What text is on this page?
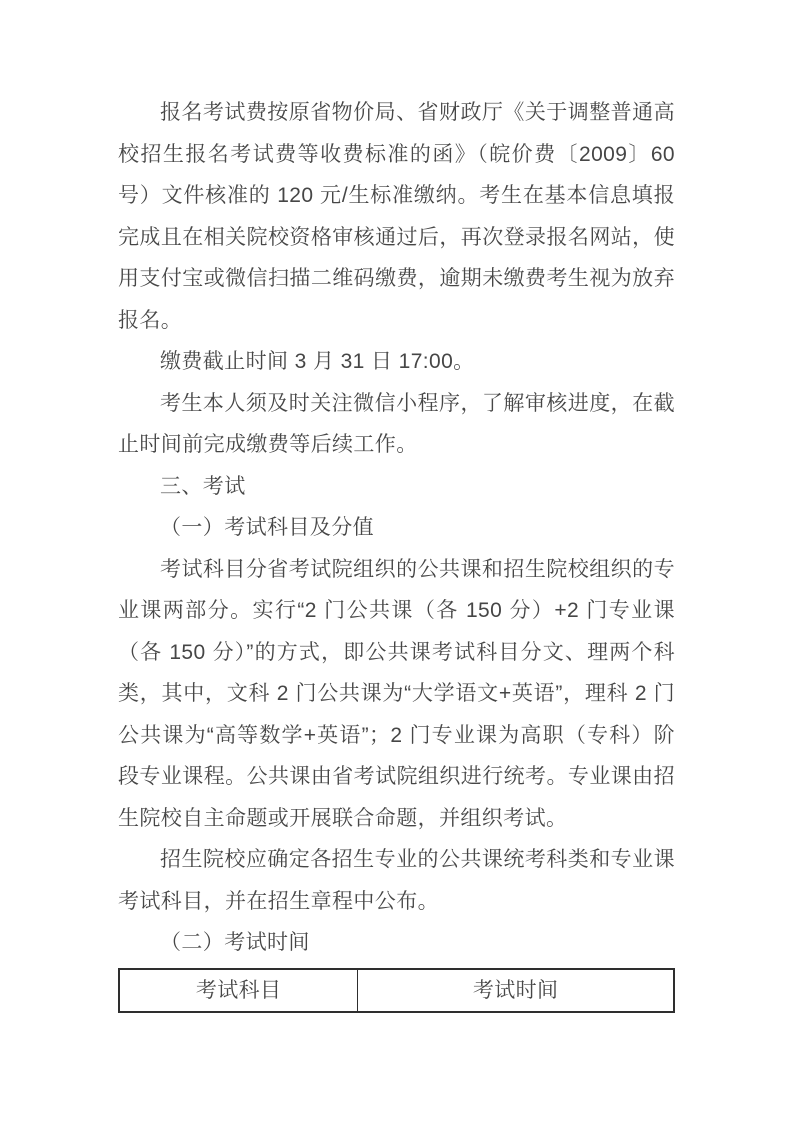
报名考试费按原省物价局、省财政厅《关于调整普通高校招生报名考试费等收费标准的函》（皖价费〔2009〕60 号）文件核准的 120 元/生标准缴纳。考生在基本信息填报完成且在相关院校资格审核通过后，再次登录报名网站，使用支付宝或微信扫描二维码缴费，逾期未缴费考生视为放弃报名。

缴费截止时间 3 月 31 日 17:00。

考生本人须及时关注微信小程序，了解审核进度，在截止时间前完成缴费等后续工作。

三、考试

（一）考试科目及分值

考试科目分省考试院组织的公共课和招生院校组织的专业课两部分。实行“2 门公共课（各 150 分）+2 门专业课（各 150 分）”的方式，即公共课考试科目分文、理两个科类，其中，文科 2 门公共课为“大学语文+英语”，理科 2 门公共课为“高等数学+英语”；2 门专业课为高职（专科）阶段专业课程。公共课由省考试院组织进行统考。专业课由招生院校自主命题或开展联合命题，并组织考试。

招生院校应确定各招生专业的公共课统考科类和专业课考试科目，并在招生章程中公布。

（二）考试时间

考试科目	考试时间
